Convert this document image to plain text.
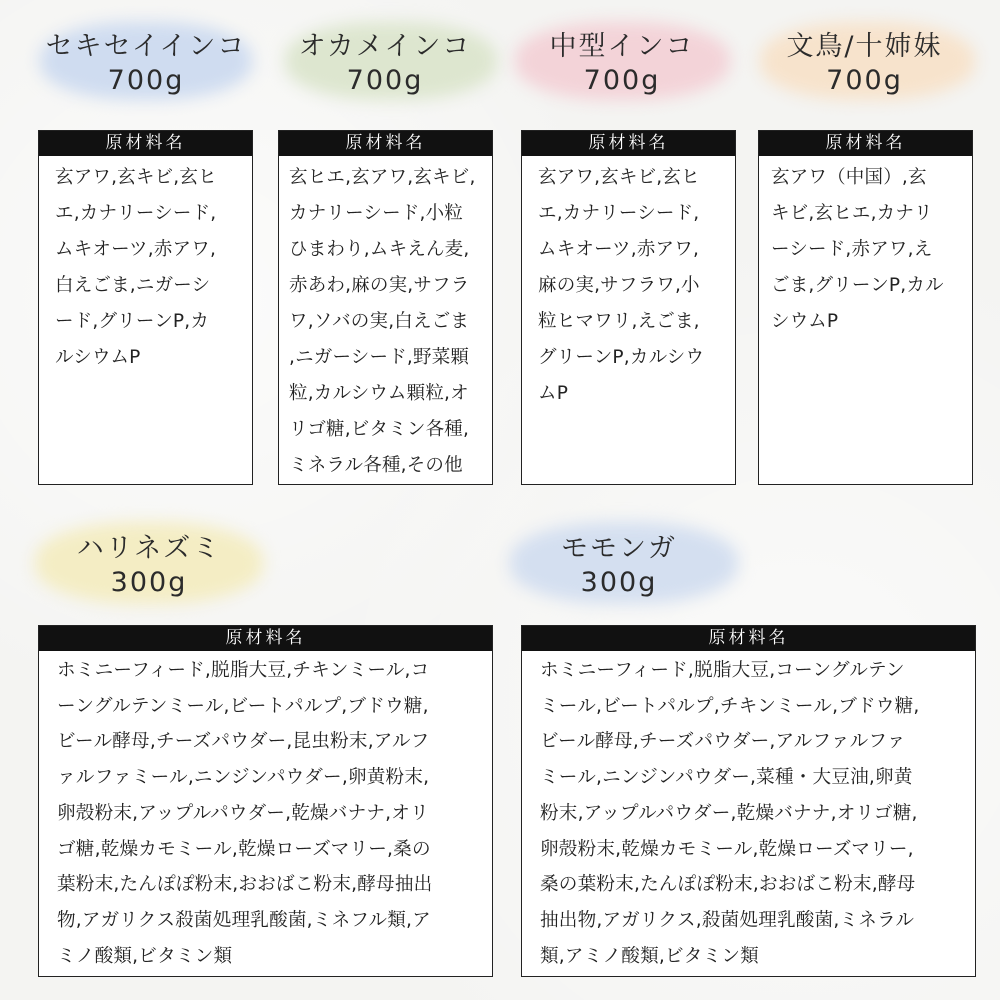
セキセイインコ
700g
オカメインコ
700g
中型インコ
700g
文鳥/十姉妹
700g
ハリネズミ
300g
モモンガ
300g
原材料名
玄アワ,玄キビ,玄ヒ
エ,カナリーシード,
ムキオーツ,赤アワ,
白えごま,ニガーシ
ード,グリーンP,カ
ルシウムP
原材料名
玄ヒエ,玄アワ,玄キビ,
カナリーシード,小粒
ひまわり,ムキえん麦,
赤あわ,麻の実,サフラ
ワ,ソバの実,白えごま
,ニガーシード,野菜顆
粒,カルシウム顆粒,オ
リゴ糖,ビタミン各種,
ミネラル各種,その他
原材料名
玄アワ,玄キビ,玄ヒ
エ,カナリーシード,
ムキオーツ,赤アワ,
麻の実,サフラワ,小
粒ヒマワリ,えごま,
グリーンP,カルシウ
ムP
原材料名
玄アワ（中国）,玄
キビ,玄ヒエ,カナリ
ーシード,赤アワ,え
ごま,グリーンP,カル
シウムP
原材料名
ホミニーフィード,脱脂大豆,チキンミール,コ
ーングルテンミール,ビートパルプ,ブドウ糖,
ビール酵母,チーズパウダー,昆虫粉末,アルフ
ァルファミール,ニンジンパウダー,卵黄粉末,
卵殻粉末,アップルパウダー,乾燥バナナ,オリ
ゴ糖,乾燥カモミール,乾燥ローズマリー,桑の
葉粉末,たんぽぽ粉末,おおばこ粉末,酵母抽出
物,アガリクス殺菌処理乳酸菌,ミネフル類,ア
ミノ酸類,ビタミン類
原材料名
ホミニーフィード,脱脂大豆,コーングルテン
ミール,ビートパルプ,チキンミール,ブドウ糖,
ビール酵母,チーズパウダー,アルファルファ
ミール,ニンジンパウダー,菜種・大豆油,卵黄
粉末,アップルパウダー,乾燥バナナ,オリゴ糖,
卵殻粉末,乾燥カモミール,乾燥ローズマリー,
桑の葉粉末,たんぽぽ粉末,おおばこ粉末,酵母
抽出物,アガリクス,殺菌処理乳酸菌,ミネラル
類,アミノ酸類,ビタミン類
